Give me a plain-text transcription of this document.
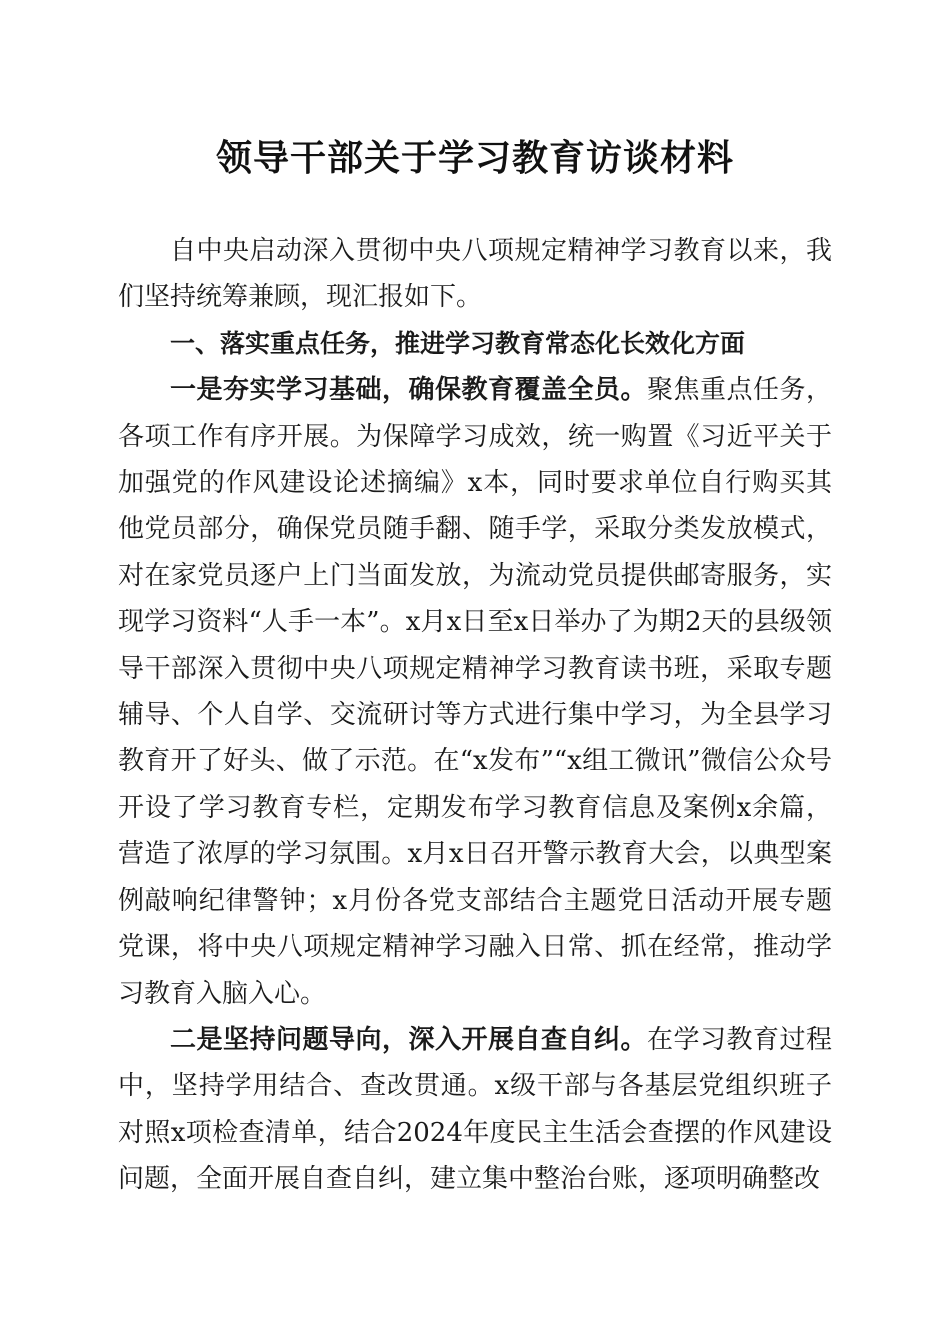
领导干部关于学习教育访谈材料

自中央启动深入贯彻中央八项规定精神学习教育以来，我们坚持统筹兼顾，现汇报如下。

一、落实重点任务，推进学习教育常态化长效化方面

一是夯实学习基础，确保教育覆盖全员。聚焦重点任务，各项工作有序开展。为保障学习成效，统一购置《习近平关于加强党的作风建设论述摘编》x本，同时要求单位自行购买其他党员部分，确保党员随手翻、随手学，采取分类发放模式，对在家党员逐户上门当面发放，为流动党员提供邮寄服务，实现学习资料“人手一本”。x月x日至x日举办了为期2天的县级领导干部深入贯彻中央八项规定精神学习教育读书班，采取专题辅导、个人自学、交流研讨等方式进行集中学习，为全县学习教育开了好头、做了示范。在“x发布”“x组工微讯”微信公众号开设了学习教育专栏，定期发布学习教育信息及案例x余篇，营造了浓厚的学习氛围。x月x日召开警示教育大会，以典型案例敲响纪律警钟；x月份各党支部结合主题党日活动开展专题党课，将中央八项规定精神学习融入日常、抓在经常，推动学习教育入脑入心。

二是坚持问题导向，深入开展自查自纠。在学习教育过程中，坚持学用结合、查改贯通。x级干部与各基层党组织班子对照x项检查清单，结合2024年度民主生活会查摆的作风建设问题，全面开展自查自纠，建立集中整治台账，逐项明确整改
